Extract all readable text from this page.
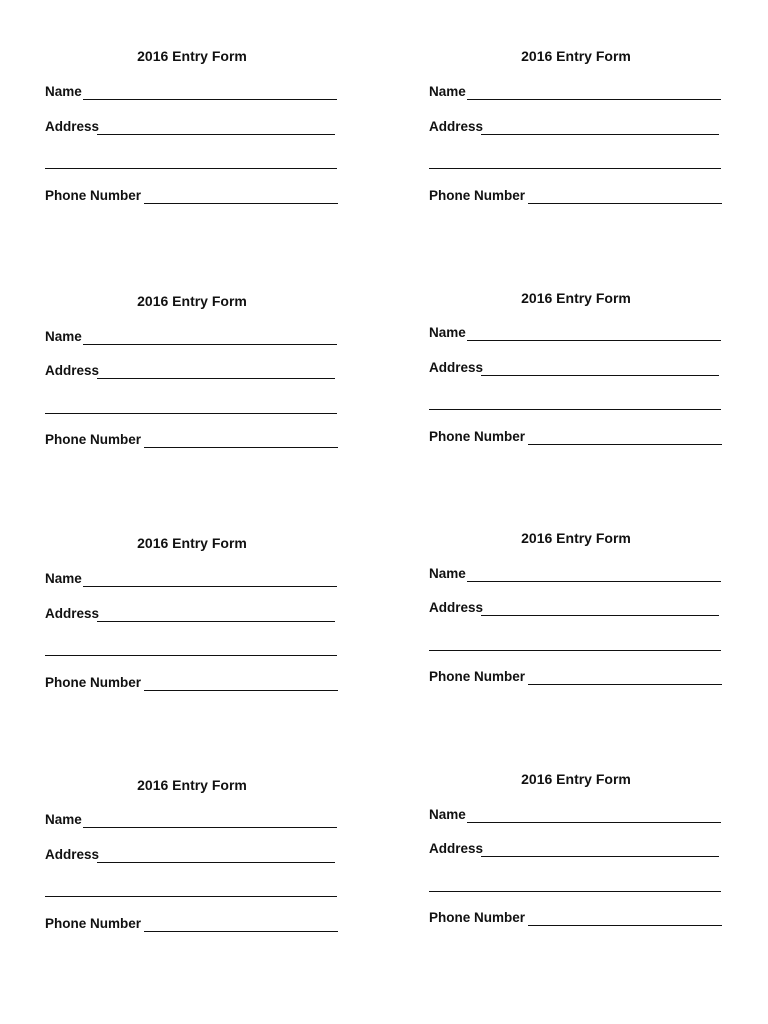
2016 Entry Form
Name
Address
Phone Number
2016 Entry Form
Name
Address
Phone Number
2016 Entry Form
Name
Address
Phone Number
2016 Entry Form
Name
Address
Phone Number
2016 Entry Form
Name
Address
Phone Number
2016 Entry Form
Name
Address
Phone Number
2016 Entry Form
Name
Address
Phone Number
2016 Entry Form
Name
Address
Phone Number
